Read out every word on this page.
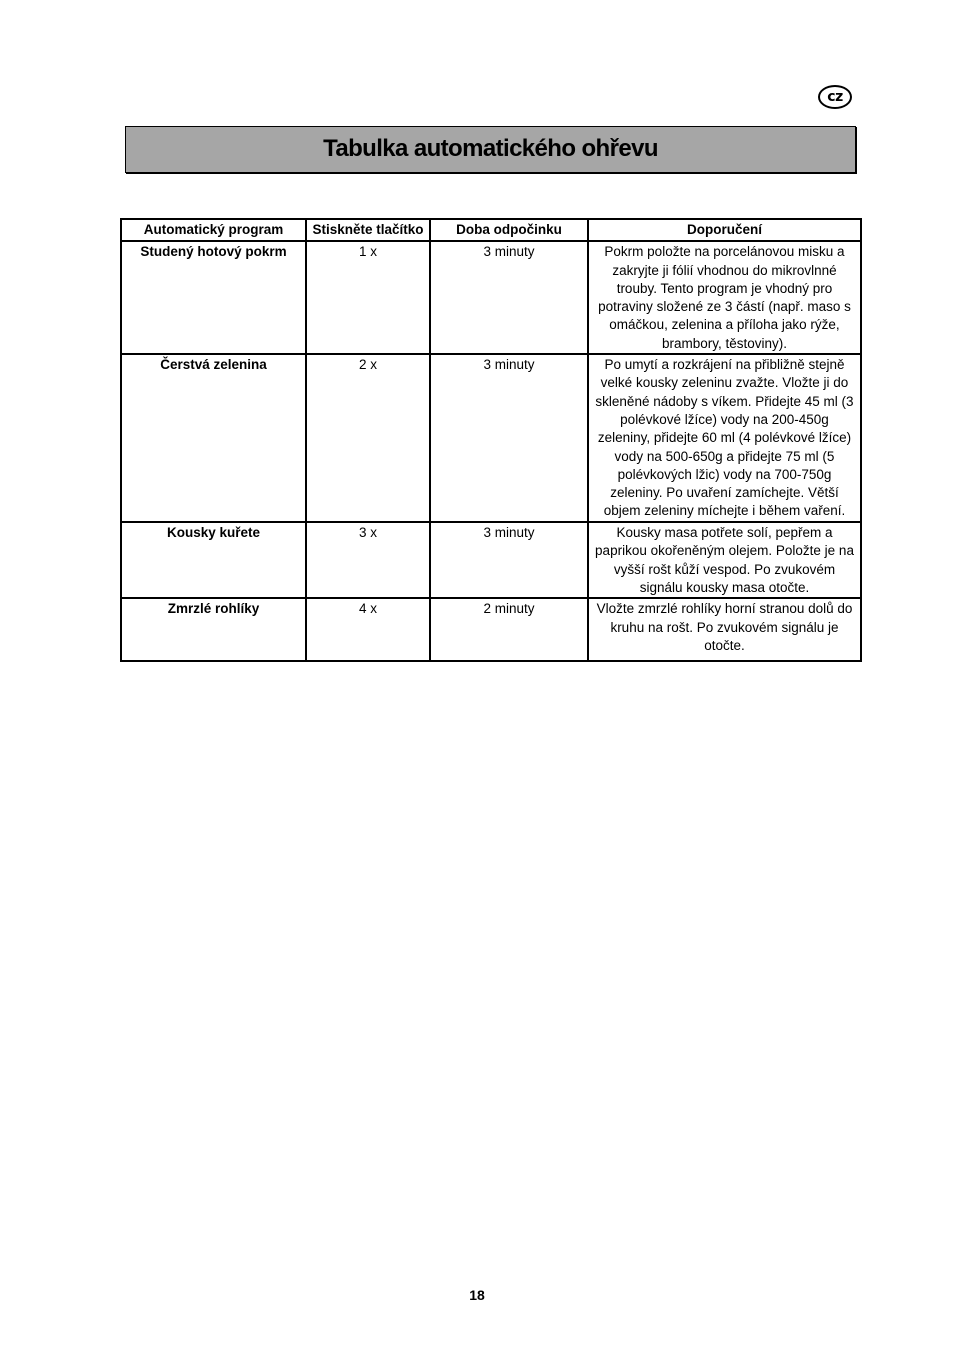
cz
Tabulka automatického ohřevu
Automatický program	Stiskněte tlačítko	Doba odpočinku	Doporučení
Studený hotový pokrm	1 x	3 minuty	Pokrm položte na porcelánovou misku a zakryjte ji fólií vhodnou do mikrovlnné trouby. Tento program je vhodný pro potraviny složené ze 3 částí (např. maso s omáčkou, zelenina a příloha jako rýže, brambory, těstoviny).
Čerstvá zelenina	2 x	3 minuty	Po umytí a rozkrájení na přibližně stejně velké kousky zeleninu zvažte. Vložte ji do skleněné nádoby s víkem. Přidejte 45 ml (3 polévkové lžíce) vody na 200-450g zeleniny, přidejte 60 ml (4 polévkové lžíce) vody na 500-650g a přidejte 75 ml (5 polévkových lžic) vody na 700-750g zeleniny. Po uvaření zamíchejte. Větší objem zeleniny míchejte i během vaření.
Kousky kuřete	3 x	3 minuty	Kousky masa potřete solí, pepřem a paprikou okořeněným olejem. Položte je na vyšší rošt kůží vespod. Po zvukovém signálu kousky masa otočte.
Zmrzlé rohlíky	4 x	2 minuty	Vložte zmrzlé rohlíky horní stranou dolů do kruhu na rošt. Po zvukovém signálu je otočte.
18
